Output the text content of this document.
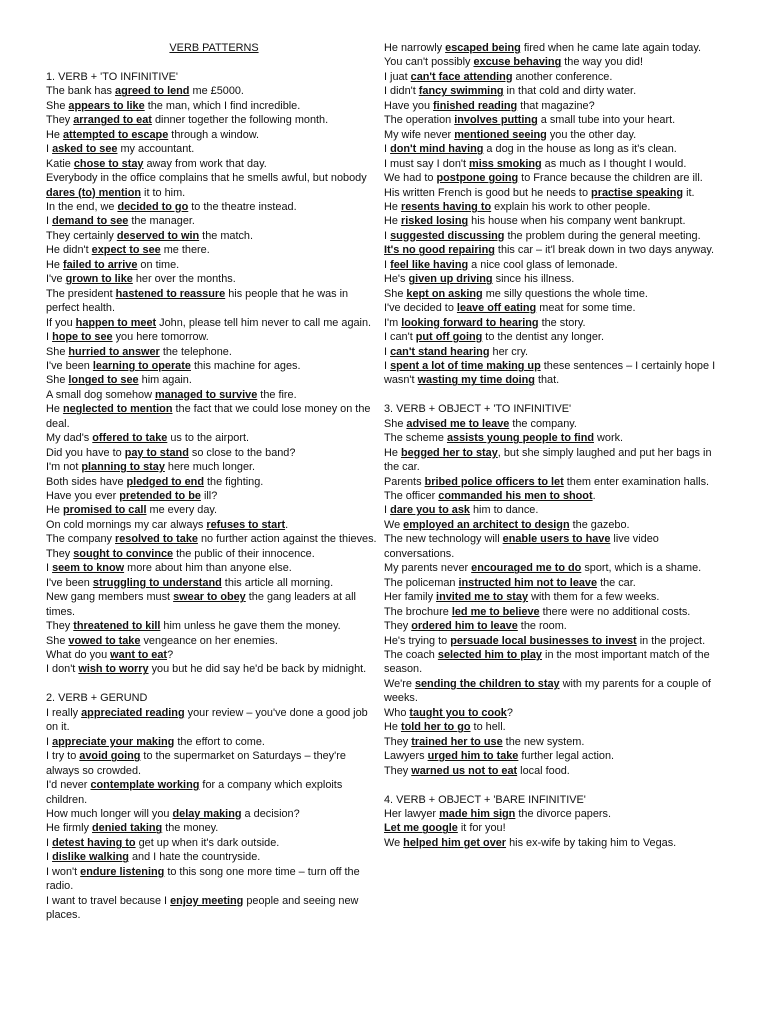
VERB PATTERNS
1. VERB + 'TO INFINITIVE'

The bank has agreed to lend me £5000.

She appears to like the man, which I find incredible.

They arranged to eat dinner together the following month.

He attempted to escape through a window.

I asked to see my accountant.

Katie chose to stay away from work that day.

Everybody in the office complains that he smells awful, but nobody dares (to) mention it to him.

In the end, we decided to go to the theatre instead.

I demand to see the manager.

They certainly deserved to win the match.

He didn't expect to see me there.

He failed to arrive on time.

I've grown to like her over the months.

The president hastened to reassure his people that he was in perfect health.

If you happen to meet John, please tell him never to call me again.

I hope to see you here tomorrow.

She hurried to answer the telephone.

I've been learning to operate this machine for ages.

She longed to see him again.

A small dog somehow managed to survive the fire.

He neglected to mention the fact that we could lose money on the deal.

My dad's offered to take us to the airport.

Did you have to pay to stand so close to the band?

I'm not planning to stay here much longer.

Both sides have pledged to end the fighting.

Have you ever pretended to be ill?

He promised to call me every day.

On cold mornings my car always refuses to start.

The company resolved to take no further action against the thieves.

They sought to convince the public of their innocence.

I seem to know more about him than anyone else.

I've been struggling to understand this article all morning.

New gang members must swear to obey the gang leaders at all times.

They threatened to kill him unless he gave them the money.

She vowed to take vengeance on her enemies.

What do you want to eat?

I don't wish to worry you but he did say he'd be back by midnight.

2. VERB + GERUND

I really appreciated reading your review – you've done a good job on it.

I appreciate your making the effort to come.

I try to avoid going to the supermarket on Saturdays – they're always so crowded.

I'd never contemplate working for a company which exploits children.

How much longer will you delay making a decision?

He firmly denied taking the money.

I detest having to get up when it's dark outside.

I dislike walking and I hate the countryside.

I won't endure listening to this song one more time – turn off the radio.

I want to travel because I enjoy meeting people and seeing new places.

He narrowly escaped being fired when he came late again today.

You can't possibly excuse behaving the way you did!

I juat can't face attending another conference.

I didn't fancy swimming in that cold and dirty water.

Have you finished reading that magazine?

The operation involves putting a small tube into your heart.

My wife never mentioned seeing you the other day.

I don't mind having a dog in the house as long as it's clean.

I must say I don't miss smoking as much as I thought I would.

We had to postpone going to France because the children are ill.

His written French is good but he needs to practise speaking it.

He resents having to explain his work to other people.

He risked losing his house when his company went bankrupt.

I suggested discussing the problem during the general meeting.

It's no good repairing this car – it'l break down in two days anyway.

I feel like having a nice cool glass of lemonade.

He's given up driving since his illness.

She kept on asking me silly questions the whole time.

I've decided to leave off eating meat for some time.

I'm looking forward to hearing the story.

I can't put off going to the dentist any longer.

I can't stand hearing her cry.

I spent a lot of time making up these sentences – I certainly hope I wasn't wasting my time doing that.

3. VERB + OBJECT + 'TO INFINITIVE'

She advised me to leave the company.

The scheme assists young people to find work.

He begged her to stay, but she simply laughed and put her bags in the car.

Parents bribed police officers to let them enter examination halls.

The officer commanded his men to shoot.

I dare you to ask him to dance.

We employed an architect to design the gazebo.

The new technology will enable users to have live video conversations.

My parents never encouraged me to do sport, which is a shame.

The policeman instructed him not to leave the car.

Her family invited me to stay with them for a few weeks.

The brochure led me to believe there were no additional costs.

They ordered him to leave the room.

He's trying to persuade local businesses to invest in the project.

The coach selected him to play in the most important match of the season.

We're sending the children to stay with my parents for a couple of weeks.

Who taught you to cook?

He told her to go to hell.

They trained her to use the new system.

Lawyers urged him to take further legal action.

They warned us not to eat local food.

4. VERB + OBJECT + 'BARE INFINITIVE'

Her lawyer made him sign the divorce papers.

Let me google it for you!

We helped him get over his ex-wife by taking him to Vegas.
